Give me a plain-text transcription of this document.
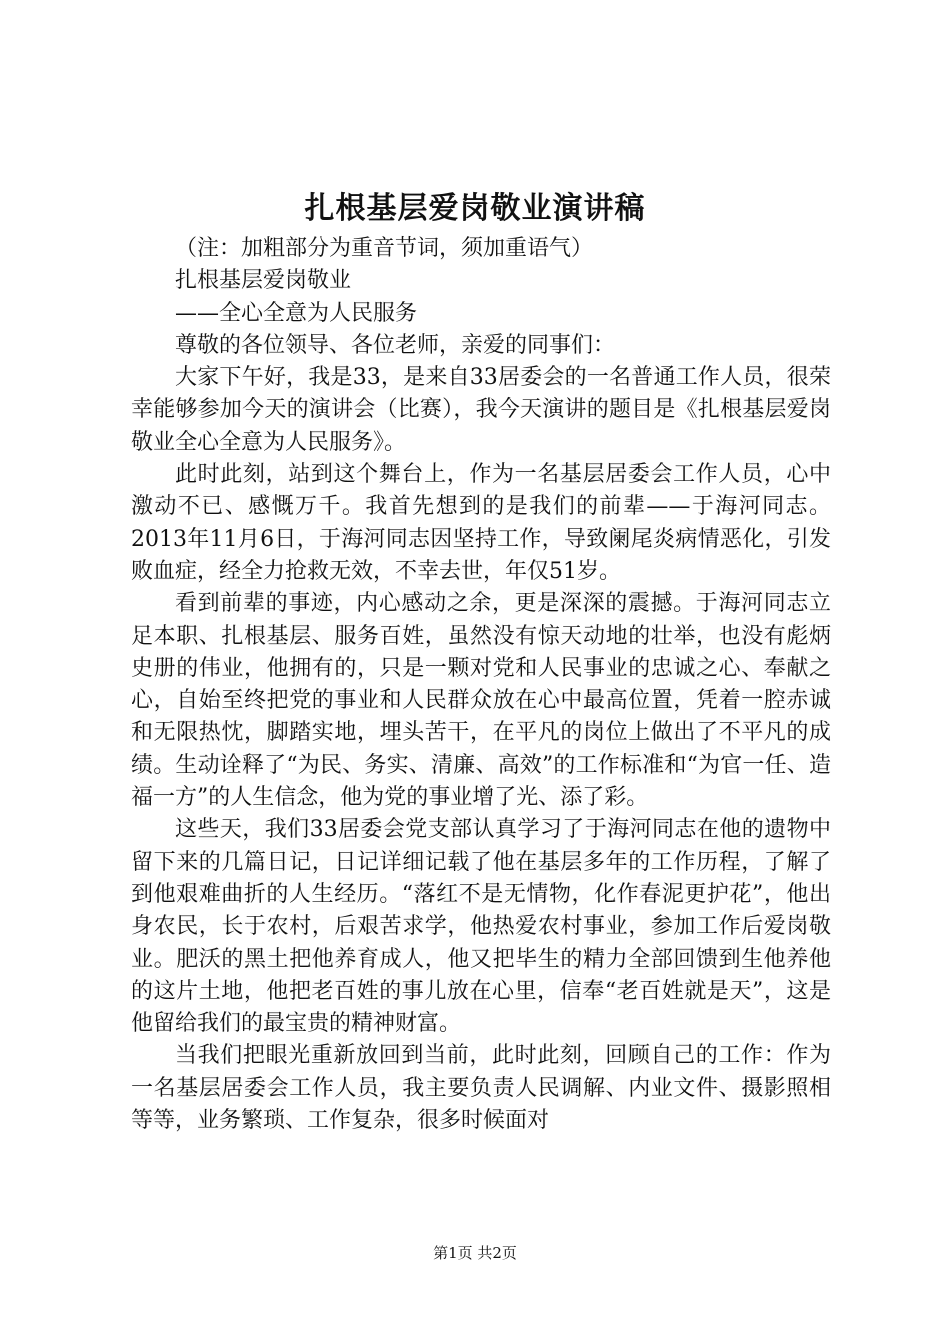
扎根基层爱岗敬业演讲稿

（注：加粗部分为重音节词，须加重语气）

扎根基层爱岗敬业

——全心全意为人民服务

尊敬的各位领导、各位老师，亲爱的同事们：

大家下午好，我是33，是来自33居委会的一名普通工作人员，很荣幸能够参加今天的演讲会（比赛），我今天演讲的题目是《扎根基层爱岗敬业全心全意为人民服务》。

此时此刻，站到这个舞台上，作为一名基层居委会工作人员，心中激动不已、感慨万千。我首先想到的是我们的前辈——于海河同志。2013年11月6日，于海河同志因坚持工作，导致阑尾炎病情恶化，引发败血症，经全力抢救无效，不幸去世，年仅51岁。

看到前辈的事迹，内心感动之余，更是深深的震撼。于海河同志立足本职、扎根基层、服务百姓，虽然没有惊天动地的壮举，也没有彪炳史册的伟业，他拥有的，只是一颗对党和人民事业的忠诚之心、奉献之心，自始至终把党的事业和人民群众放在心中最高位置，凭着一腔赤诚和无限热忱，脚踏实地，埋头苦干，在平凡的岗位上做出了不平凡的成绩。生动诠释了“为民、务实、清廉、高效”的工作标准和“为官一任、造福一方”的人生信念，他为党的事业增了光、添了彩。

这些天，我们33居委会党支部认真学习了于海河同志在他的遗物中留下来的几篇日记，日记详细记载了他在基层多年的工作历程，了解了到他艰难曲折的人生经历。“落红不是无情物，化作春泥更护花”，他出身农民，长于农村，后艰苦求学，他热爱农村事业，参加工作后爱岗敬业。肥沃的黑土把他养育成人，他又把毕生的精力全部回馈到生他养他的这片土地，他把老百姓的事儿放在心里，信奉“老百姓就是天”，这是他留给我们的最宝贵的精神财富。

当我们把眼光重新放回到当前，此时此刻，回顾自己的工作：作为一名基层居委会工作人员，我主要负责人民调解、内业文件、摄影照相等等，业务繁琐、工作复杂，很多时候面对

第1页 共2页
